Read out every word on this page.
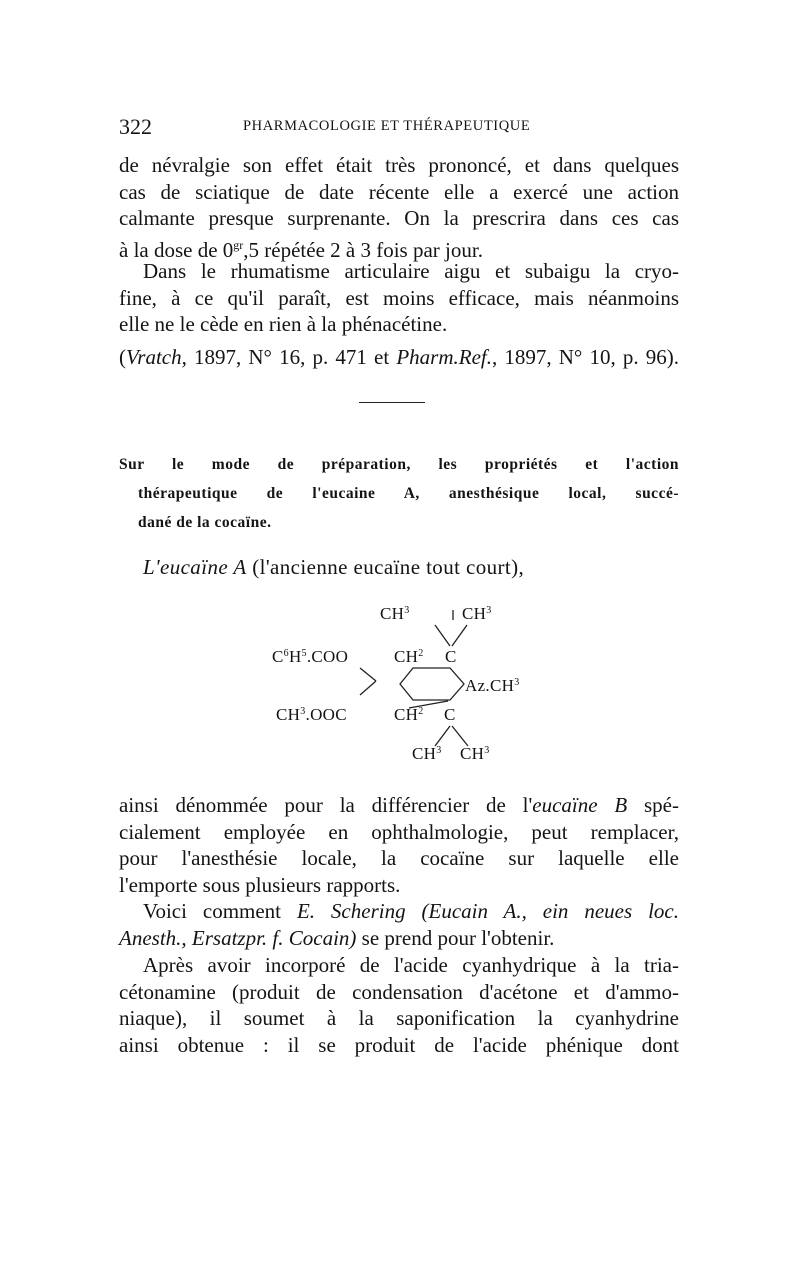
322	PHARMACOLOGIE ET THÉRAPEUTIQUE

de névralgie son effet était très prononcé, et dans quelques
cas de sciatique de date récente elle a exercé une action
calmante presque surprenante. On la prescrira dans ces cas
à la dose de $0^{gr},5$ répétée 2 à 3 fois par jour.

Dans le rhumatisme articulaire aigu et subaigu la cryo-
fine, à ce qu'il paraît, est moins efficace, mais néanmoins
elle ne le cède en rien à la phénacétine.

(Vratch, 1897, N° 16, p. 471 et Pharm.Ref., 1897, N° 10, p. 96).

Sur le mode de préparation, les propriétés et l'action
thérapeutique de l'eucaine A, anesthésique local, succé-
dané de la cocaïne.

L'eucaïne A (l'ancienne eucaïne tout court),

$CH^3$	$CH^3$
$C^6H^5.COO$	$CH^2$ C
$Az.CH^3$
$CH^3.OOC$	$CH^2$ C
$CH^3$ $CH^3$

ainsi dénommée pour la différencier de l'eucaïne B spé-
cialement employée en ophthalmologie, peut remplacer,
pour l'anesthésie locale, la cocaïne sur laquelle elle
l'emporte sous plusieurs rapports.

Voici comment E. Schering (Eucain A., ein neues loc.
Anesth., Ersatzpr. f. Cocain) se prend pour l'obtenir.

Après avoir incorporé de l'acide cyanhydrique à la tria-
cétonamine (produit de condensation d'acétone et d'ammo-
niaque), il soumet à la saponification la cyanhydrine
ainsi obtenue : il se produit de l'acide phénique dont
